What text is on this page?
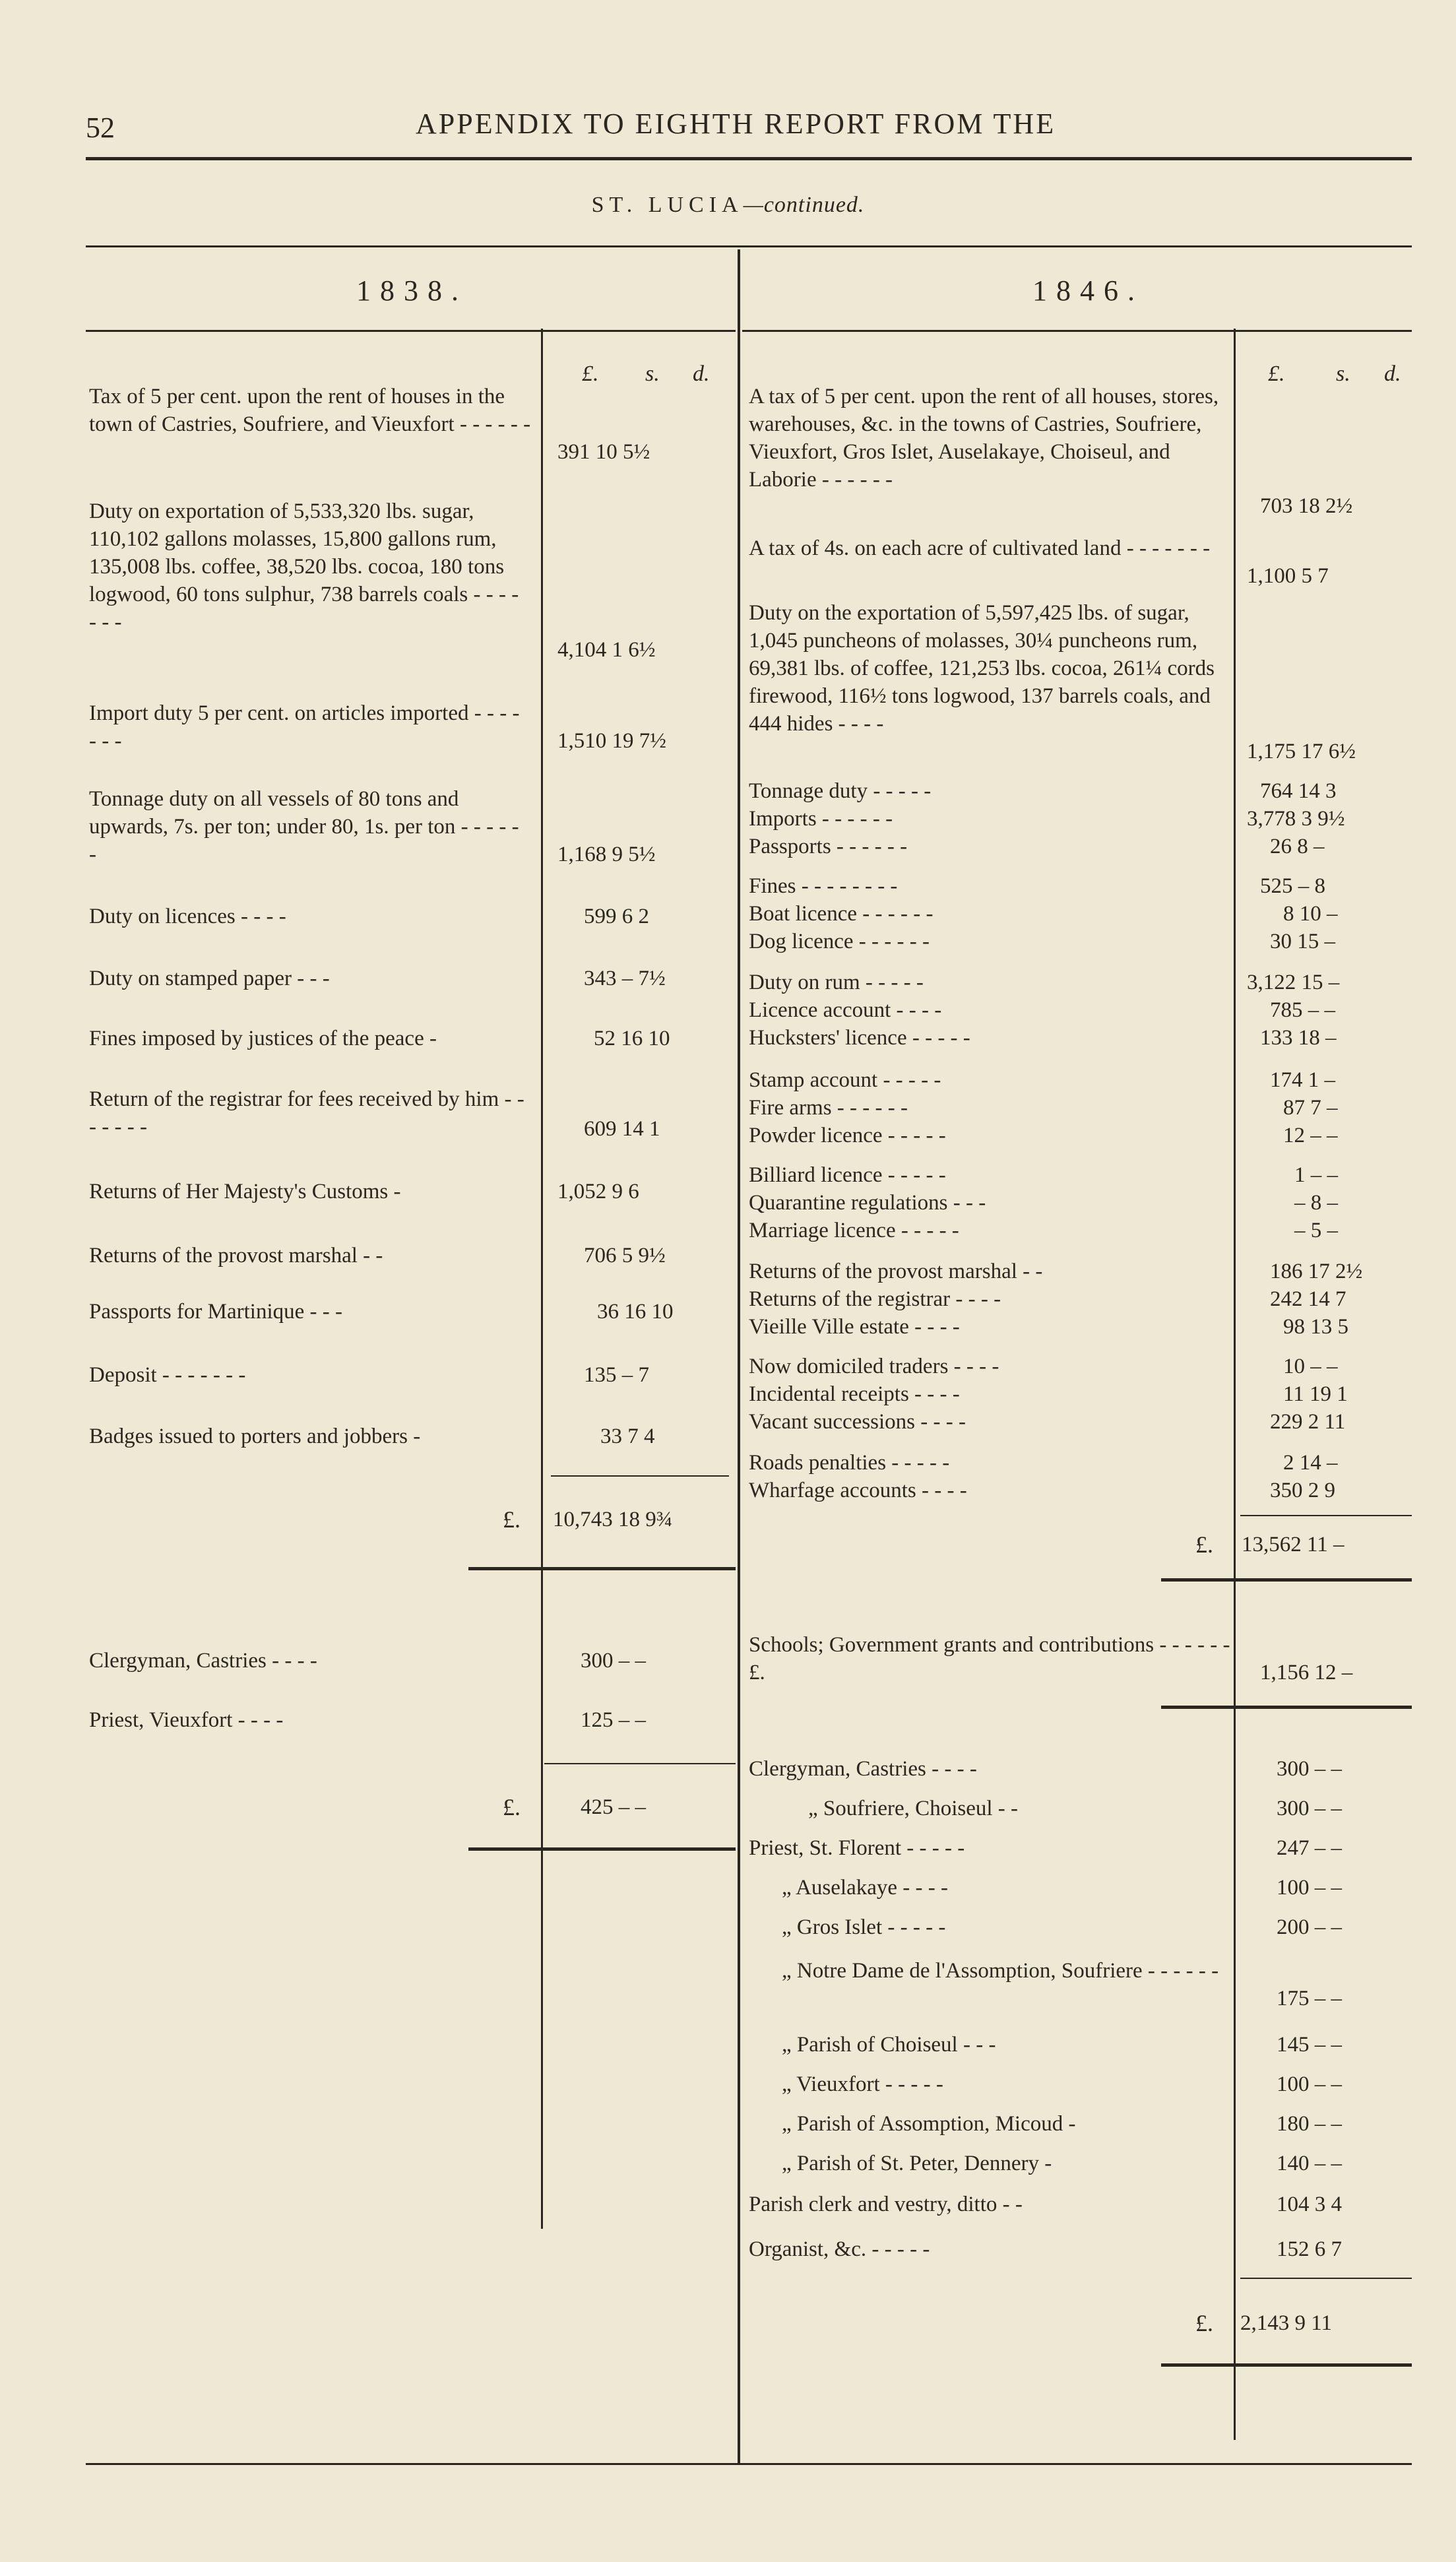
52	APPENDIX TO EIGHTH REPORT FROM THE
ST. LUCIA—continued.
1838.	1846.
£. s. d.	£. s. d.
Tax of 5 per cent. upon the rent of houses in the town of Castries, Soufriere, and Vieuxfort - - - - - -
391 10 5½
Duty on exportation of 5,533,320 lbs. sugar, 110,102 gallons molasses, 15,800 gallons rum, 135,008 lbs. coffee, 38,520 lbs. cocoa, 180 tons logwood, 60 tons sulphur, 738 barrels coals - - - - - - -
4,104 1 6½
Import duty 5 per cent. on articles imported - - - - - - -	1,510 19 7½
Tonnage duty on all vessels of 80 tons and upwards, 7s. per ton; under 80, 1s. per ton - - - - - -	1,168 9 5½
Duty on licences - - - -	599 6 2
Duty on stamped paper - - -	343 – 7½
Fines imposed by justices of the peace -	52 16 10
Return of the registrar for fees received by him - - - - - - -	609 14 1
Returns of Her Majesty's Customs -	1,052 9 6
Returns of the provost marshal - -	706 5 9½
Passports for Martinique - - -	36 16 10
Deposit - - - - - - -	135 – 7
Badges issued to porters and jobbers -	33 7 4
£. 10,743 18 9¾
Clergyman, Castries - - - -	300 – –
Priest, Vieuxfort - - - -	125 – –
£.	425 – –
A tax of 5 per cent. upon the rent of all houses, stores, warehouses, &c. in the towns of Castries, Soufriere, Vieuxfort, Gros Islet, Auselakaye, Choiseul, and Laborie - - - - - -
703 18 2½
A tax of 4s. on each acre of cultivated land - - - - - - -
1,100 5 7
Duty on the exportation of 5,597,425 lbs. of sugar, 1,045 puncheons of molasses, 30¼ puncheons rum, 69,381 lbs. of coffee, 121,253 lbs. cocoa, 261¼ cords firewood, 116½ tons logwood, 137 barrels coals, and 444 hides - - - -
1,175 17 6½
Tonnage duty - - - - -	764 14 3
Imports - - - - - -	3,778 3 9½
Passports - - - - - -	26 8 –
Fines - - - - - - - -	525 – 8
Boat licence - - - - - -	8 10 –
Dog licence - - - - - -	30 15 –
Duty on rum - - - - -	3,122 15 –
Licence account - - - -	785 – –
Hucksters' licence - - - - -	133 18 –
Stamp account - - - - -	174 1 –
Fire arms - - - - - -	87 7 –
Powder licence - - - - -	12 – –
Billiard licence - - - - -	1 – –
Quarantine regulations - - -	– 8 –
Marriage licence - - - - -	– 5 –
Returns of the provost marshal - -	186 17 2½
Returns of the registrar - - - -	242 14 7
Vieille Ville estate - - - -	98 13 5
Now domiciled traders - - - -	10 – –
Incidental receipts - - - -	11 19 1
Vacant successions - - - -	229 2 11
Roads penalties - - - - -	2 14 –
Wharfage accounts - - - -	350 2 9
£. 13,562 11 –
Schools; Government grants and contributions - - - - - - £.	1,156 12 –
Clergyman, Castries - - - -	300 – –
„ Soufriere, Choiseul - -	300 – –
Priest, St. Florent - - - - -	247 – –
„ Auselakaye - - - -	100 – –
„ Gros Islet - - - - -	200 – –
„ Notre Dame de l'Assomption, Soufriere - - - - - -
175 – –
„ Parish of Choiseul - - -	145 – –
„ Vieuxfort - - - - -	100 – –
„ Parish of Assomption, Micoud -	180 – –
„ Parish of St. Peter, Dennery -	140 – –
Parish clerk and vestry, ditto - -	104 3 4
Organist, &c. - - - - -	152 6 7
£. 2,143 9 11
